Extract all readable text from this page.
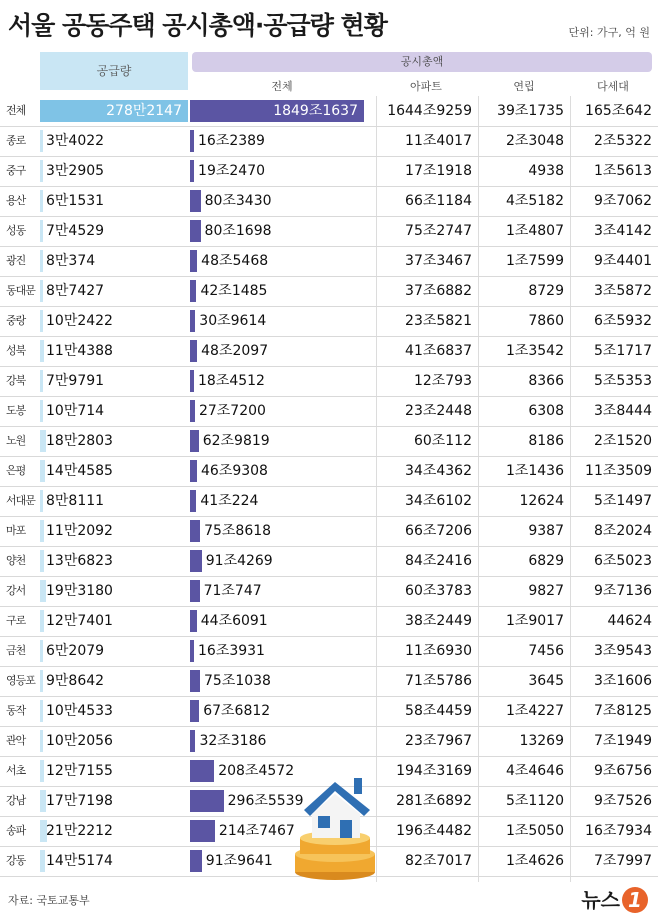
서울 공동주택 공시총액·공급량 현황	단위: 가구, 억 원
공급량
공시총액
전체	아파트	연립	다세대
전체	278만2147	1849조1637 1644조9259 39조1735 165조642
종로	3만4022	16조2389	11조4017 2조3048 2조5322
중구	3만2905	19조2470	17조1918	4938 1조5613
용산	6만1531	80조3430	66조1184 4조5182 9조7062
성동	7만4529	80조1698	75조2747 1조4807 3조4142
광진	8만374	48조5468	37조3467 1조7599 9조4401
동대문 8만7427	42조1485	37조6882	8729 3조5872
중랑	10만2422	30조9614	23조5821	7860 6조5932
성북	11만4388	48조2097	41조6837 1조3542 5조1717
강북	7만9791	18조4512	12조793	8366 5조5353
도봉	10만714	27조7200	23조2448	6308 3조8444
노원	18만2803	62조9819	60조112	8186 2조1520
은평	14만4585	46조9308	34조4362 1조1436 11조3509
서대문 8만8111	41조224	34조6102	12624 5조1497
마포	11만2092	75조8618	66조7206	9387 8조2024
양천	13만6823	91조4269	84조2416	6829 6조5023
강서	19만3180	71조747	60조3783	9827 9조7136
구로	12만7401	44조6091	38조2449 1조9017	44624
금천	6만2079	16조3931	11조6930	7456 3조9543
영등포 9만8642	75조1038	71조5786	3645 3조1606
동작	10만4533	67조6812	58조4459 1조4227 7조8125
관악	10만2056	32조3186	23조7967	13269 7조1949
서초	12만7155	208조4572	194조3169 4조4646 9조6756
강남	17만7198	296조5539	281조6892 5조1120 9조7526
송파	21만2212	214조7467	196조4482 1조5050 16조7934
강동	14만5174	91조9641	82조7017 1조4626 7조7997
자료: 국토교통부	뉴스 1
